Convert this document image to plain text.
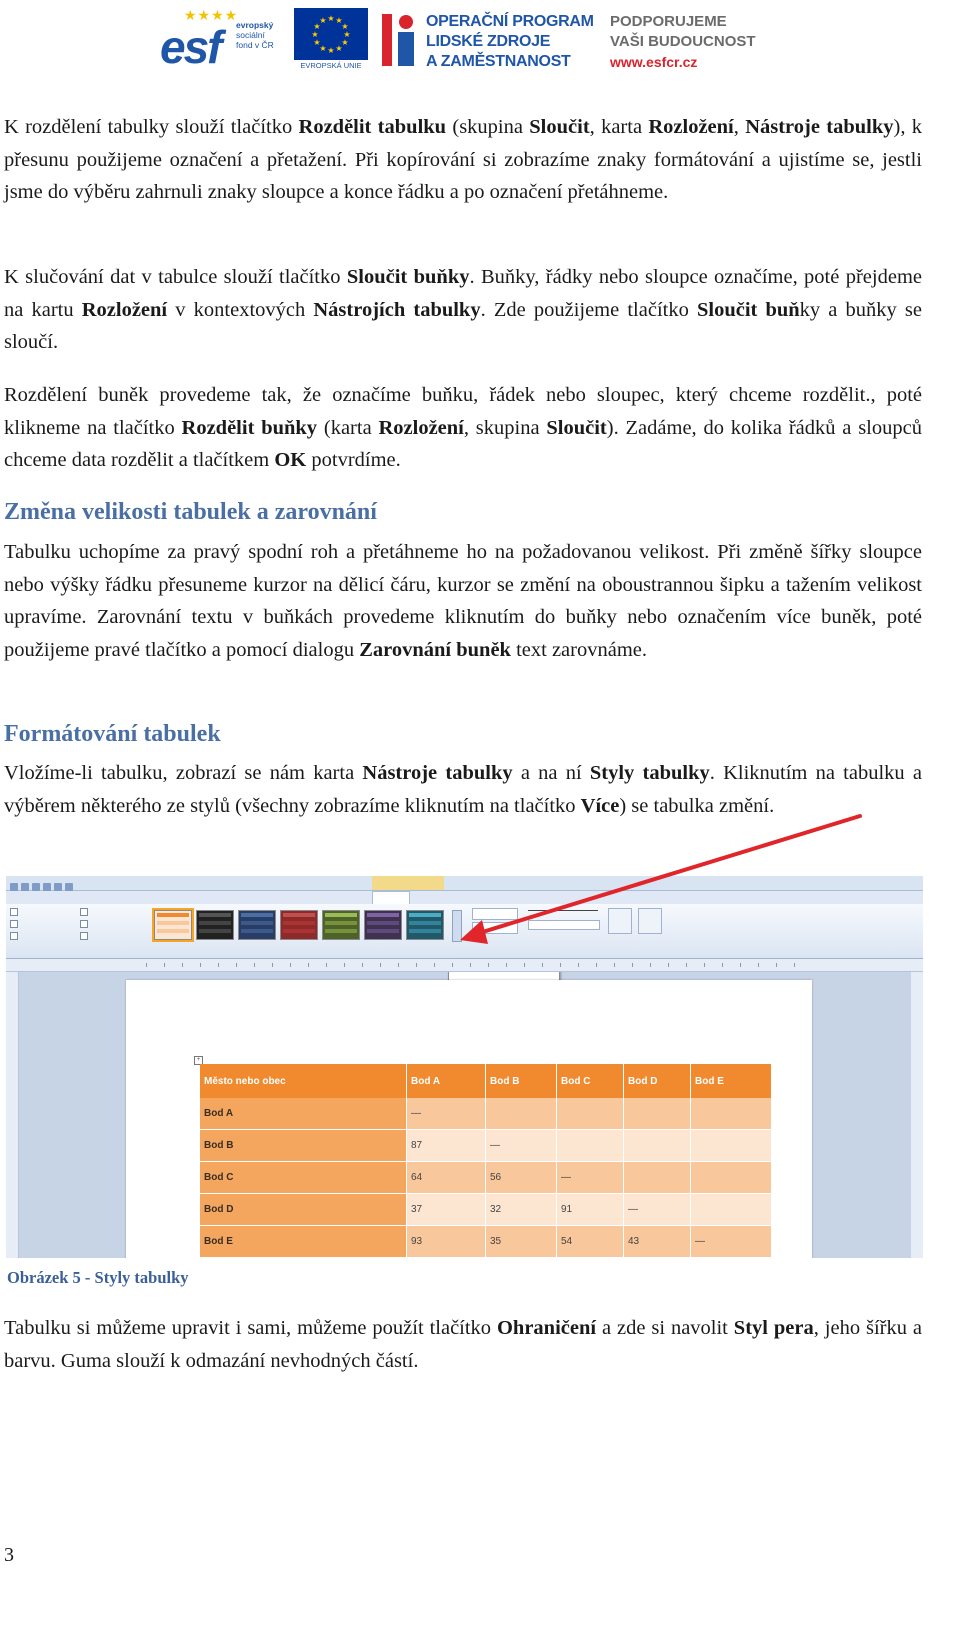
★★★★
esf evropský
sociální
fond v ČR
★ ★
★
★
★
★
★
★
★
★
★
★
EVROPSKÁ UNIE
OPERAČNÍ PROGRAM
LIDSKÉ ZDROJE
A ZAMĚSTNANOST
PODPORUJEME
VAŠI BUDOUCNOST
www.esfcr.cz

K rozdělení tabulky slouží tlačítko Rozdělit tabulku (skupina Sloučit, karta Rozložení, Nástroje tabulky), k přesunu použijeme označení a přetažení. Při kopírování si zobrazíme znaky formátování a ujistíme se, jestli jsme do výběru zahrnuli znaky sloupce a konce řádku a po označení přetáhneme.

K slučování dat v tabulce slouží tlačítko Sloučit buňky. Buňky, řádky nebo sloupce označíme, poté přejdeme na kartu Rozložení v kontextových Nástrojích tabulky. Zde použijeme tlačítko Sloučit buňky a buňky se sloučí.

Rozdělení buněk provedeme tak, že označíme buňku, řádek nebo sloupec, který chceme rozdělit., poté klikneme na tlačítko Rozdělit buňky (karta Rozložení, skupina Sloučit). Zadáme, do kolika řádků a sloupců chceme data rozdělit a tlačítkem OK potvrdíme.

Změna velikosti tabulek a zarovnání

Tabulku uchopíme za pravý spodní roh a přetáhneme ho na požadovanou velikost. Při změně šířky sloupce nebo výšky řádku přesuneme kurzor na dělicí čáru, kurzor se změní na oboustrannou šipku a tažením velikost upravíme. Zarovnání textu v buňkách provedeme kliknutím do buňky nebo označením více buněk, poté použijeme pravé tlačítko a pomocí dialogu Zarovnání buněk text zarovnáme.

Formátování tabulek

Vložíme-li tabulku, zobrazí se nám karta Nástroje tabulky a na ní Styly tabulky. Kliknutím na tabulku a výběrem některého ze stylů (všechny zobrazíme kliknutím na tlačítko Více) se tabulka změní.

+
Město nebo obec	Bod A	Bod B	Bod C	Bod D	Bod E
Bod A	—				
Bod B	87	—			
Bod C	64	56	—		
Bod D	37	32	91	—	
Bod E	93	35	54	43	—
Obrázek 5 - Styly tabulky

Tabulku si můžeme upravit i sami, můžeme použít tlačítko Ohraničení a zde si navolit Styl pera, jeho šířku a barvu. Guma slouží k odmazání nevhodných částí.

3
